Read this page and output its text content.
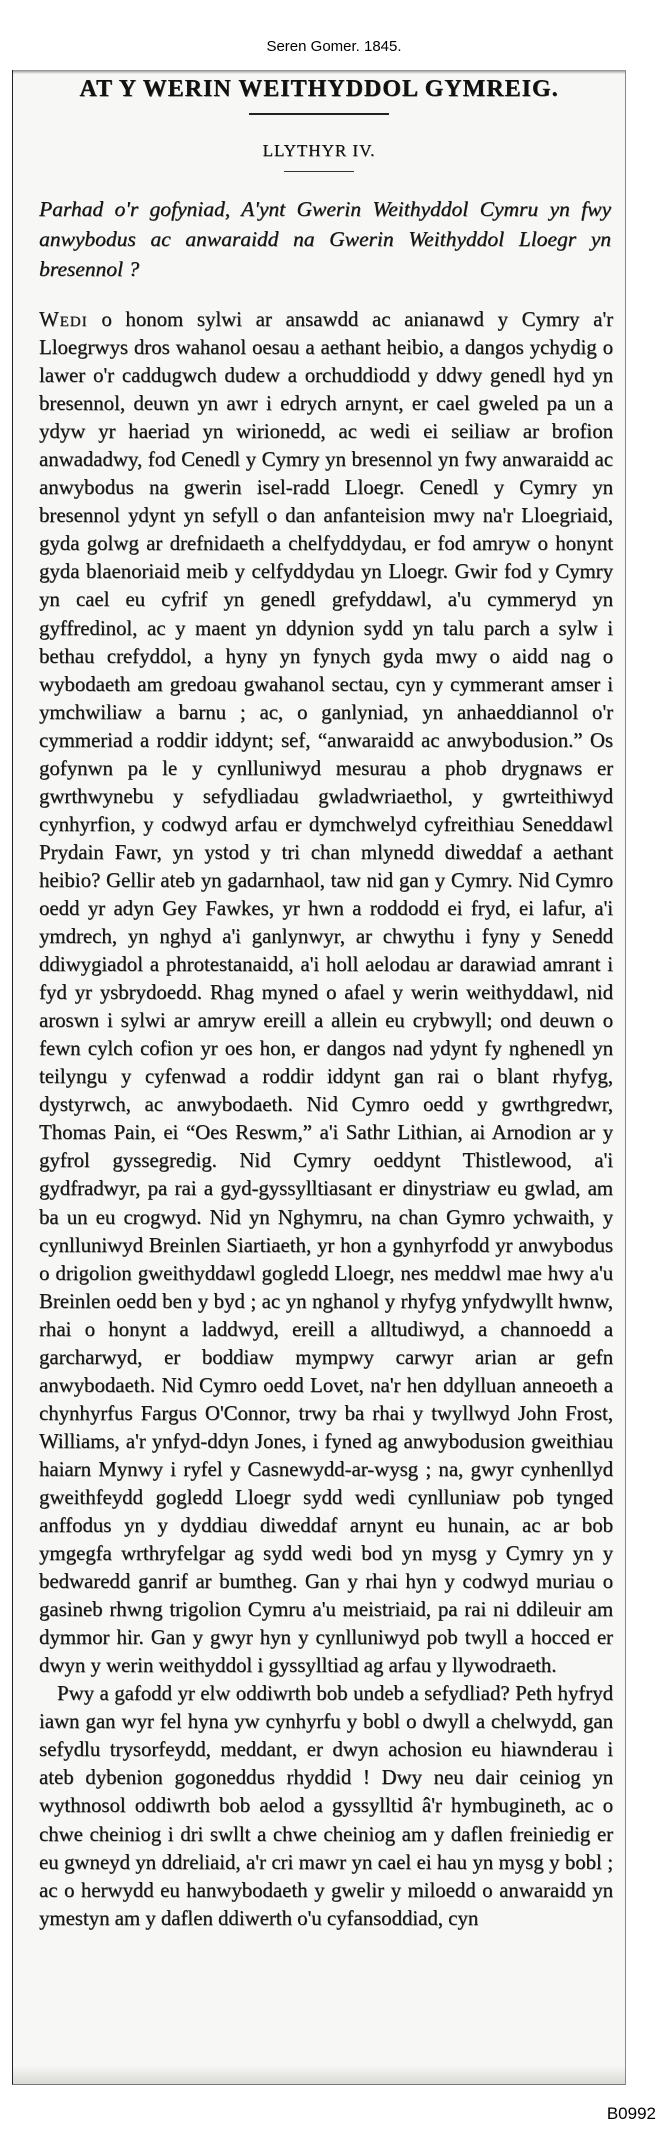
Seren Gomer. 1845.
AT Y WERIN WEITHYDDOL GYMREIG.
LLYTHYR IV.
Parhad o'r gofyniad, A'ynt Gwerin Weithyddol Cymru yn fwy anwybodus ac anwaraidd na Gwerin Weithyddol Lloegr yn bresennol ?

Wedi o honom sylwi ar ansawdd ac anianawd y Cymry a'r Lloegrwys dros wahanol oesau a aethant heibio, a dangos ychydig o lawer o'r caddugwch dudew a orchuddiodd y ddwy genedl hyd yn bresennol, deuwn yn awr i edrych arnynt, er cael gweled pa un a ydyw yr haeriad yn wirionedd, ac wedi ei seiliaw ar brofion anwadadwy, fod Cenedl y Cymry yn bresennol yn fwy anwaraidd ac anwybodus na gwerin isel-radd Lloegr. Cenedl y Cymry yn bresennol ydynt yn sefyll o dan anfanteision mwy na'r Lloegriaid, gyda golwg ar drefnidaeth a chelfyddydau, er fod amryw o honynt gyda blaenoriaid meib y celfyddydau yn Lloegr. Gwir fod y Cymry yn cael eu cyfrif yn genedl grefyddawl, a'u cymmeryd yn gyffredinol, ac y maent yn ddynion sydd yn talu parch a sylw i bethau crefyddol, a hyny yn fynych gyda mwy o aidd nag o wybodaeth am gredoau gwahanol sectau, cyn y cymmerant amser i ymchwiliaw a barnu ; ac, o ganlyniad, yn anhaeddiannol o'r cymmeriad a roddir iddynt; sef, “anwaraidd ac anwybodusion.” Os gofynwn pa le y cynlluniwyd mesurau a phob drygnaws er gwrthwynebu y sefydliadau gwladwriaethol, y gwrteithiwyd cynhyrfion, y codwyd arfau er dymchwelyd cyfreithiau Seneddawl Prydain Fawr, yn ystod y tri chan mlynedd diweddaf a aethant heibio? Gellir ateb yn gadarnhaol, taw nid gan y Cymry. Nid Cymro oedd yr adyn Gey Fawkes, yr hwn a roddodd ei fryd, ei lafur, a'i ymdrech, yn nghyd a'i ganlynwyr, ar chwythu i fyny y Senedd ddiwygiadol a phrotestanaidd, a'i holl aelodau ar darawiad amrant i fyd yr ysbrydoedd. Rhag myned o afael y werin weithyddawl, nid aroswn i sylwi ar amryw ereill a allein eu crybwyll; ond deuwn o fewn cylch cofion yr oes hon, er dangos nad ydynt fy nghenedl yn teilyngu y cyfenwad a roddir iddynt gan rai o blant rhyfyg, dystyrwch, ac anwybodaeth. Nid Cymro oedd y gwrthgredwr, Thomas Pain, ei “Oes Reswm,” a'i Sathr Lithian, ai Arnodion ar y gyfrol gyssegredig. Nid Cymry oeddynt Thistlewood, a'i gydfradwyr, pa rai a gyd-gyssylltiasant er dinystriaw eu gwlad, am ba un eu crogwyd. Nid yn Nghymru, na chan Gymro ychwaith, y cynlluniwyd Breinlen Siartiaeth, yr hon a gynhyrfodd yr anwybodus o drigolion gweithyddawl gogledd Lloegr, nes meddwl mae hwy a'u Breinlen oedd ben y byd ; ac yn nghanol y rhyfyg ynfydwyllt hwnw, rhai o honynt a laddwyd, ereill a alltudiwyd, a channoedd a garcharwyd, er boddiaw mympwy carwyr arian ar gefn anwybodaeth. Nid Cymro oedd Lovet, na'r hen ddylluan anneoeth a chynhyrfus Fargus O'Connor, trwy ba rhai y twyllwyd John Frost, Williams, a'r ynfyd-ddyn Jones, i fyned ag anwybodusion gweithiau haiarn Mynwy i ryfel y Casnewydd-ar-wysg ; na, gwyr cynhenllyd gweithfeydd gogledd Lloegr sydd wedi cynlluniaw pob tynged anffodus yn y dyddiau diweddaf arnynt eu hunain, ac ar bob ymgegfa wrthryfelgar ag sydd wedi bod yn mysg y Cymry yn y bedwaredd ganrif ar bumtheg. Gan y rhai hyn y codwyd muriau o gasineb rhwng trigolion Cymru a'u meistriaid, pa rai ni ddileuir am dymmor hir. Gan y gwyr hyn y cynlluniwyd pob twyll a hocced er dwyn y werin weithyddol i gyssylltiad ag arfau y llywodraeth.

Pwy a gafodd yr elw oddiwrth bob undeb a sefydliad? Peth hyfryd iawn gan wyr fel hyna yw cynhyrfu y bobl o dwyll a chelwydd, gan sefydlu trysorfeydd, meddant, er dwyn achosion eu hiawnderau i ateb dybenion gogoneddus rhyddid ! Dwy neu dair ceiniog yn wythnosol oddiwrth bob aelod a gyssylltid â'r hymbugineth, ac o chwe cheiniog i dri swllt a chwe cheiniog am y daflen freiniedig er eu gwneyd yn ddreliaid, a'r cri mawr yn cael ei hau yn mysg y bobl ; ac o herwydd eu hanwybodaeth y gwelir y miloedd o anwaraidd yn ymestyn am y daflen ddiwerth o'u cyfansoddiad, cyn

B0992
